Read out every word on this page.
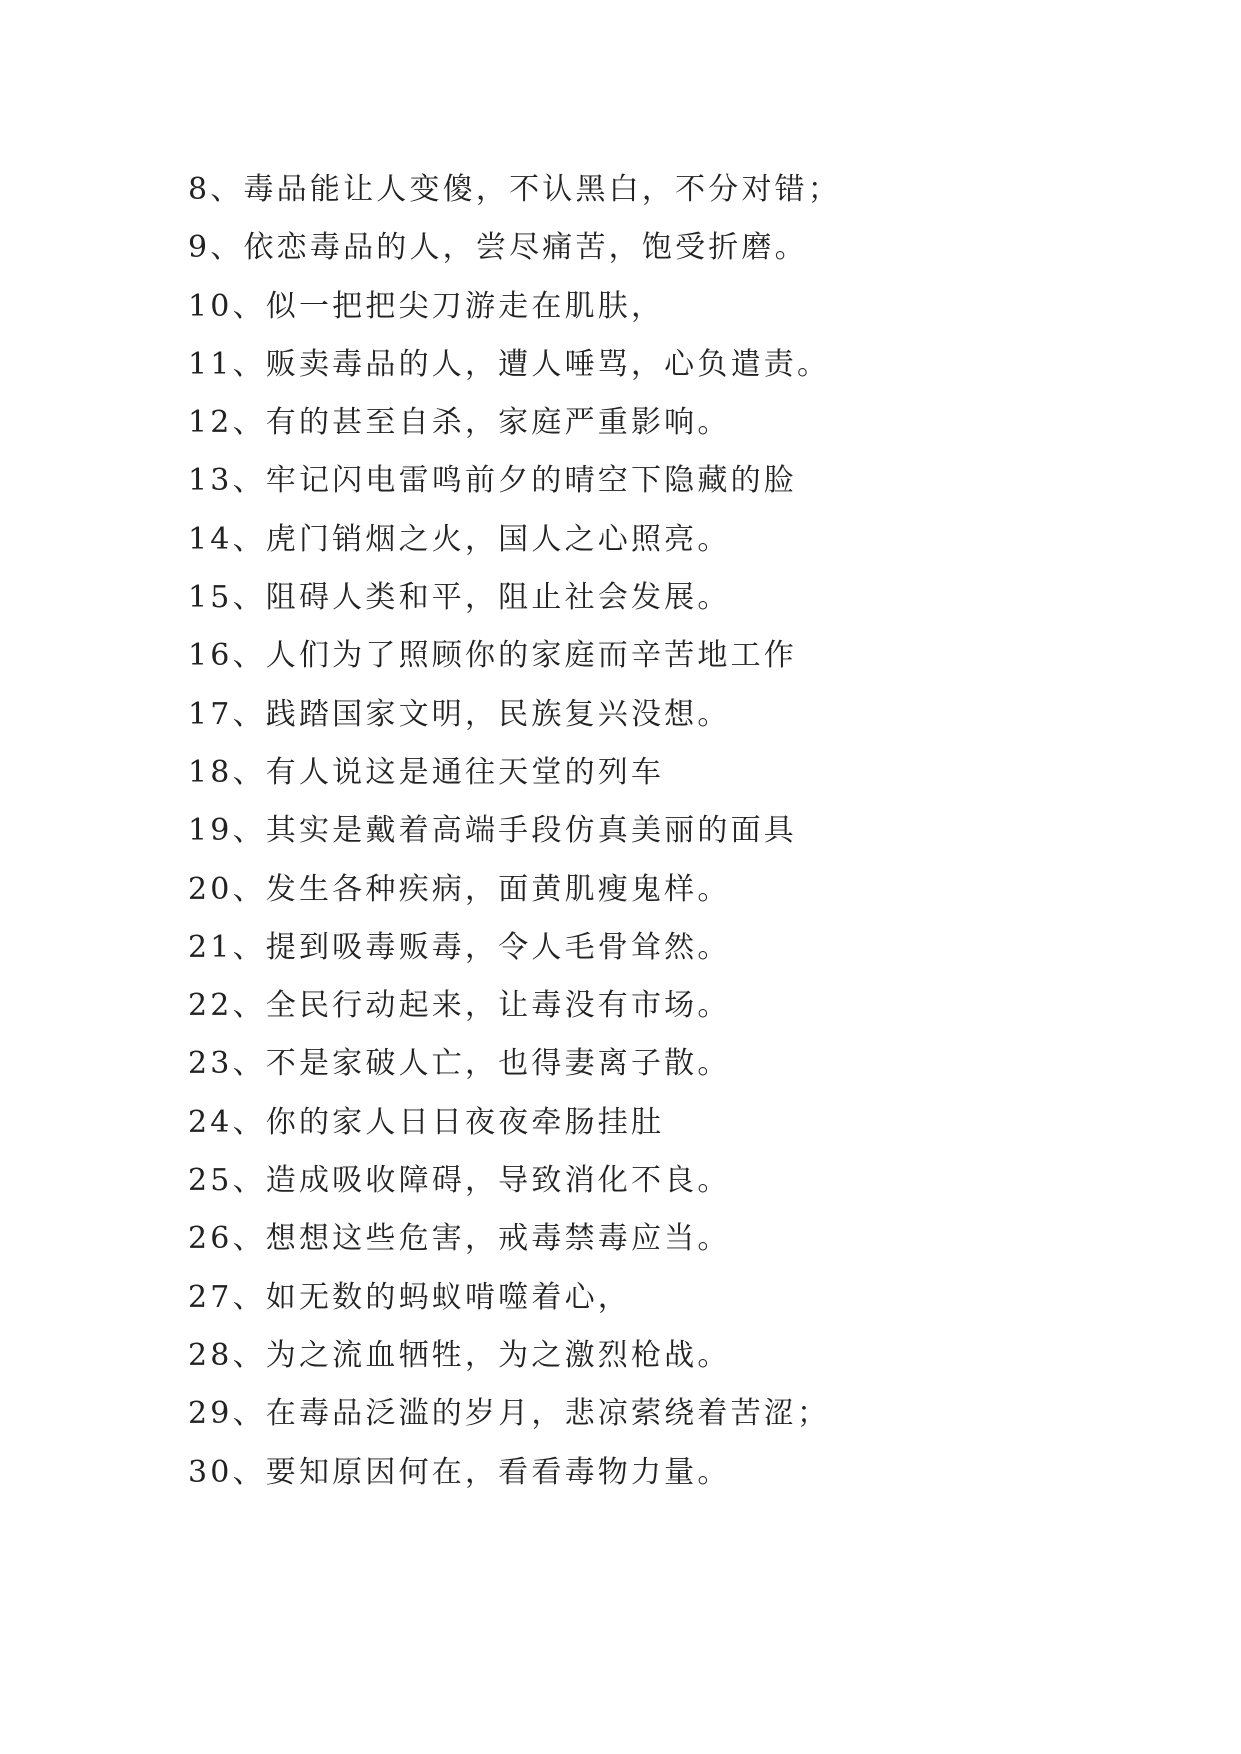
8、毒品能让人变傻，不认黑白，不分对错；
9、依恋毒品的人，尝尽痛苦，饱受折磨。
10、似一把把尖刀游走在肌肤，
11、贩卖毒品的人，遭人唾骂，心负遣责。
12、有的甚至自杀，家庭严重影响。
13、牢记闪电雷鸣前夕的晴空下隐藏的脸
14、虎门销烟之火，国人之心照亮。
15、阻碍人类和平，阻止社会发展。
16、人们为了照顾你的家庭而辛苦地工作
17、践踏国家文明，民族复兴没想。
18、有人说这是通往天堂的列车
19、其实是戴着高端手段仿真美丽的面具
20、发生各种疾病，面黄肌瘦鬼样。
21、提到吸毒贩毒，令人毛骨耸然。
22、全民行动起来，让毒没有市场。
23、不是家破人亡，也得妻离子散。
24、你的家人日日夜夜牵肠挂肚
25、造成吸收障碍，导致消化不良。
26、想想这些危害，戒毒禁毒应当。
27、如无数的蚂蚁啃噬着心，
28、为之流血牺牲，为之激烈枪战。
29、在毒品泛滥的岁月，悲凉萦绕着苦涩；
30、要知原因何在，看看毒物力量。
